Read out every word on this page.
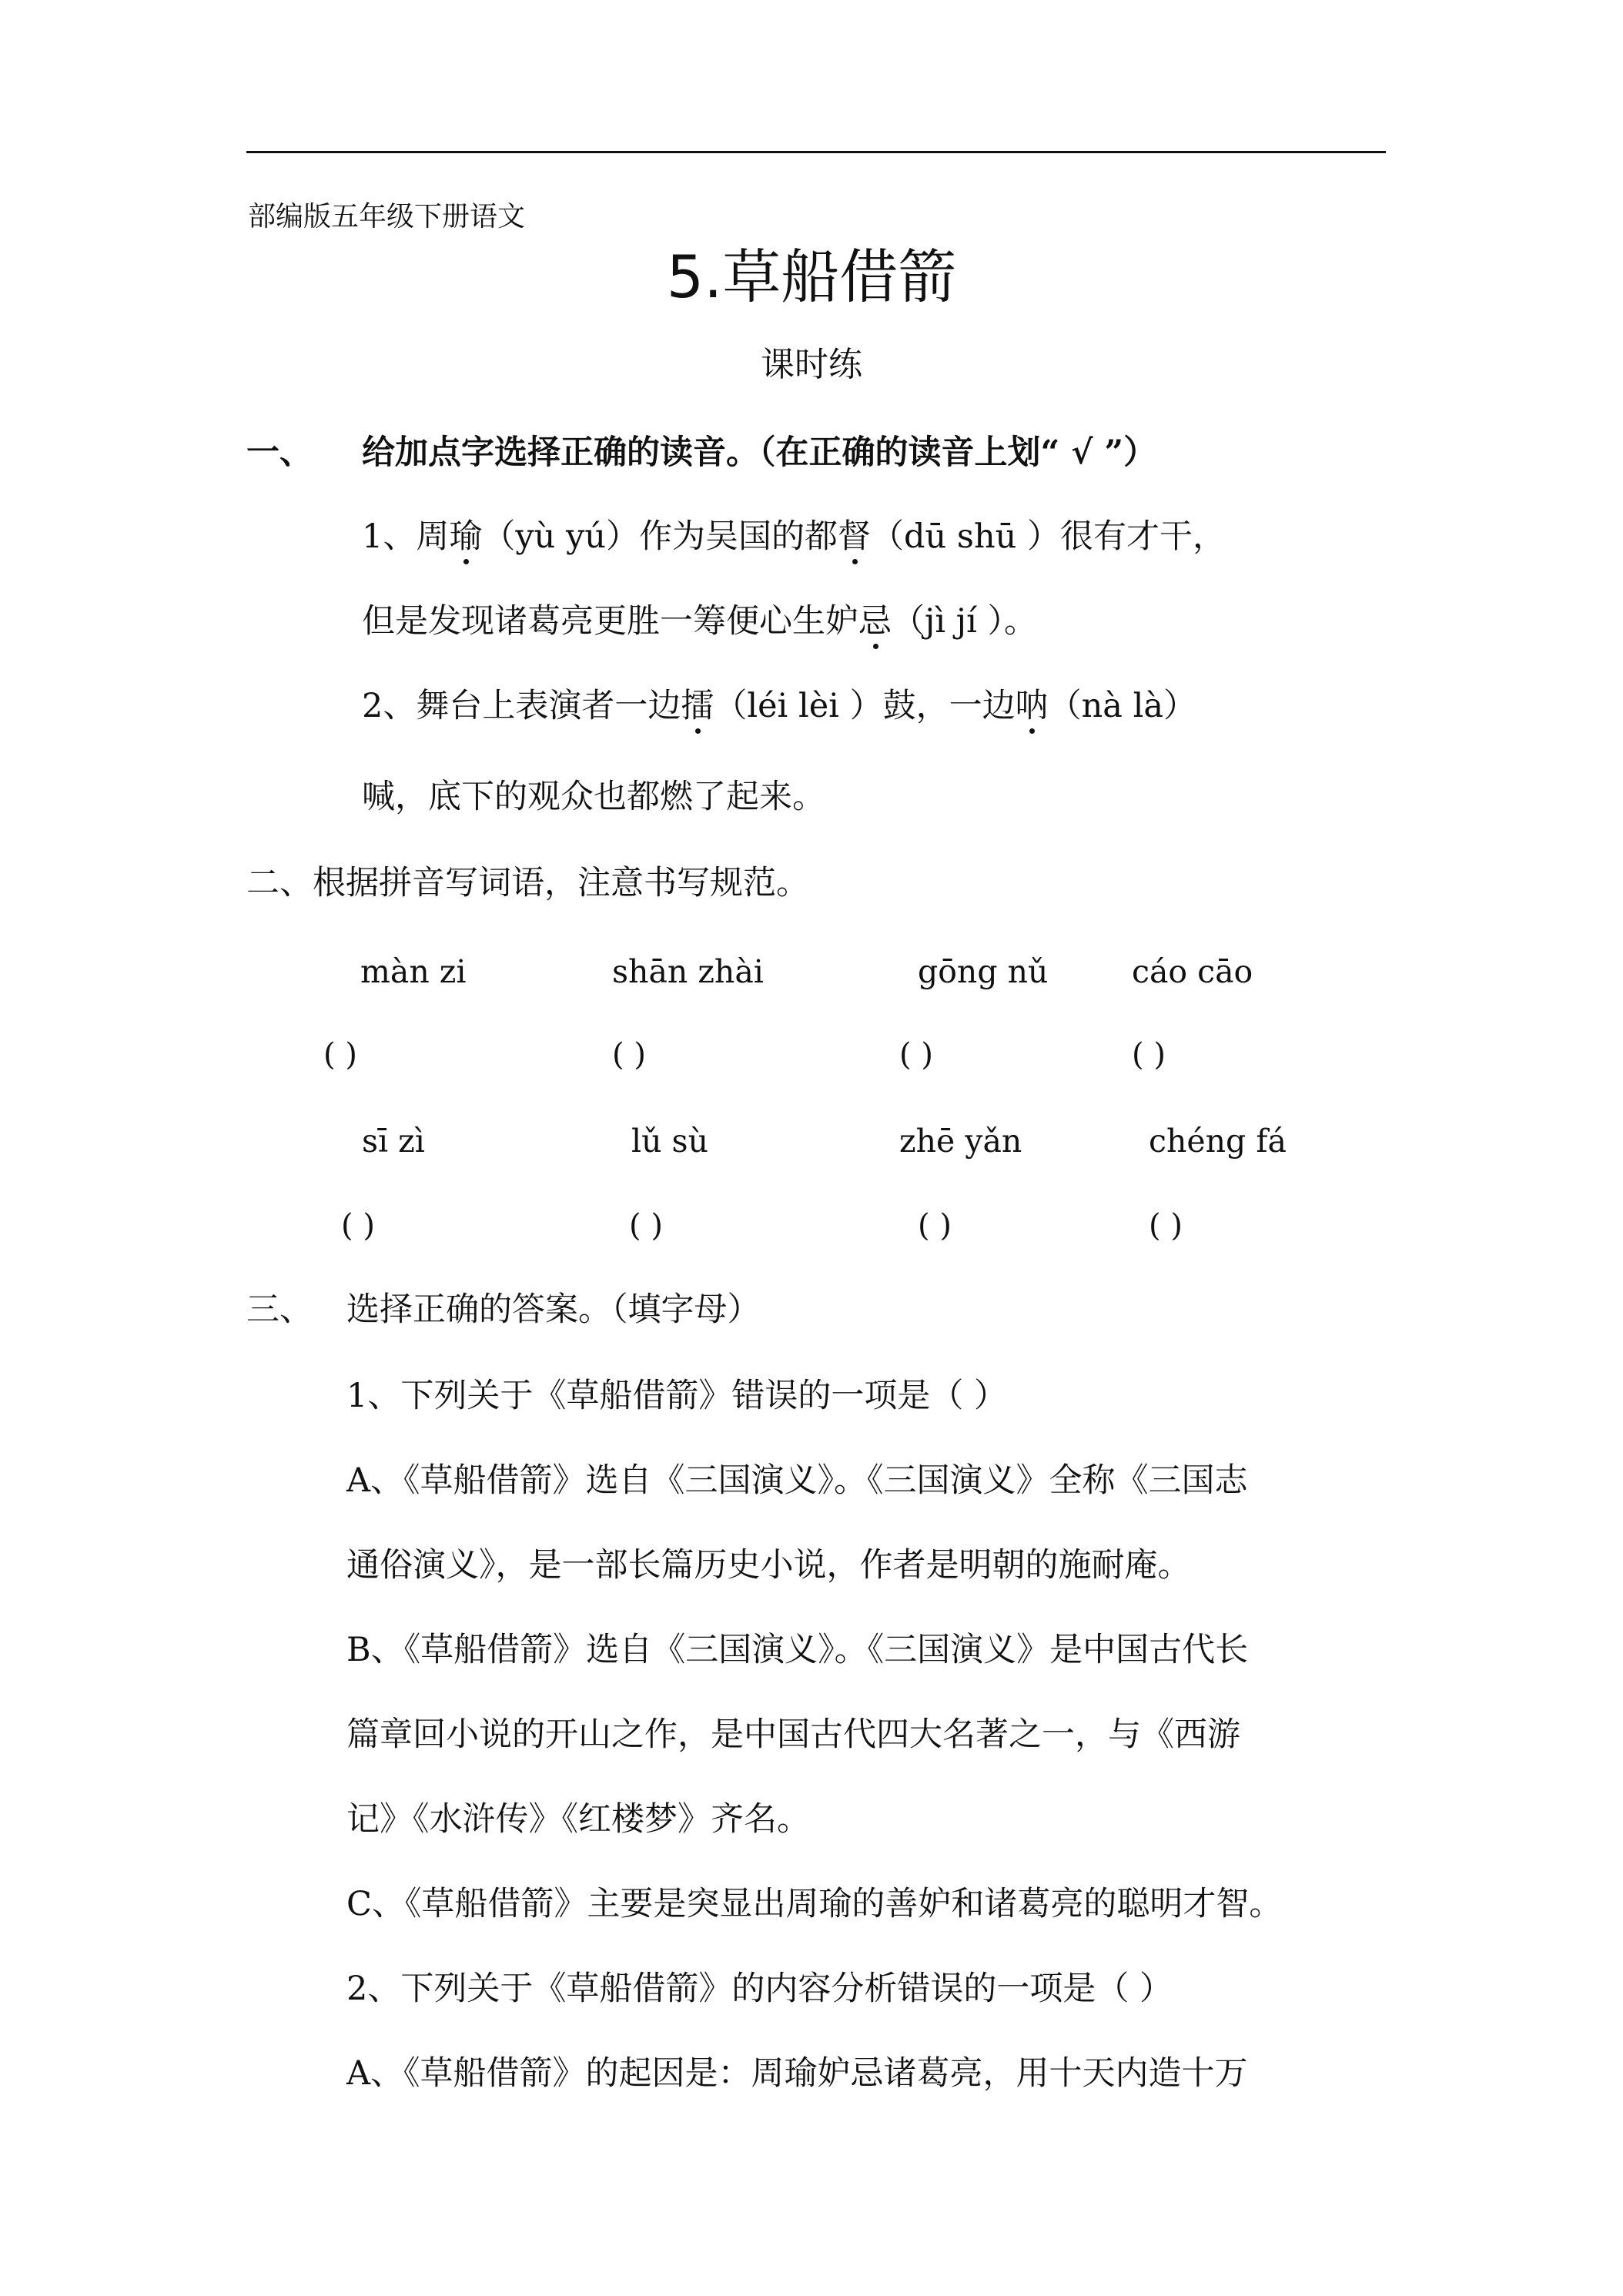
部编版五年级下册语文
5.草船借箭
课时练
一、 给加点字选择正确的读音。（在正确的读音上划“ √ ”）
1、周瑜（yù yú）作为吴国的都督（dū shū ）很有才干，
但是发现诸葛亮更胜一筹便心生妒忌（jì jí ）。
2、舞台上表演者一边擂（léi lèi ）鼓，一边呐（nà là）
喊，底下的观众也都燃了起来。
二、根据拼音写词语，注意书写规范。
màn zi	shān zhài	gōng nǔ	cáo cāo
( )	( )	( )	( )
sī zì	lǔ sù	zhē yǎn	chéng fá
( )	( )	( )	( )
三、 选择正确的答案。（填字母）
1、下列关于《草船借箭》错误的一项是（ ）
A、《草船借箭》选自《三国演义》。《三国演义》全称《三国志
通俗演义》，是一部长篇历史小说，作者是明朝的施耐庵。
B、《草船借箭》选自《三国演义》。《三国演义》是中国古代长
篇章回小说的开山之作，是中国古代四大名著之一，与《西游
记》《水浒传》《红楼梦》齐名。
C、《草船借箭》主要是突显出周瑜的善妒和诸葛亮的聪明才智。
2、下列关于《草船借箭》的内容分析错误的一项是（ ）
A、《草船借箭》的起因是：周瑜妒忌诸葛亮，用十天内造十万
